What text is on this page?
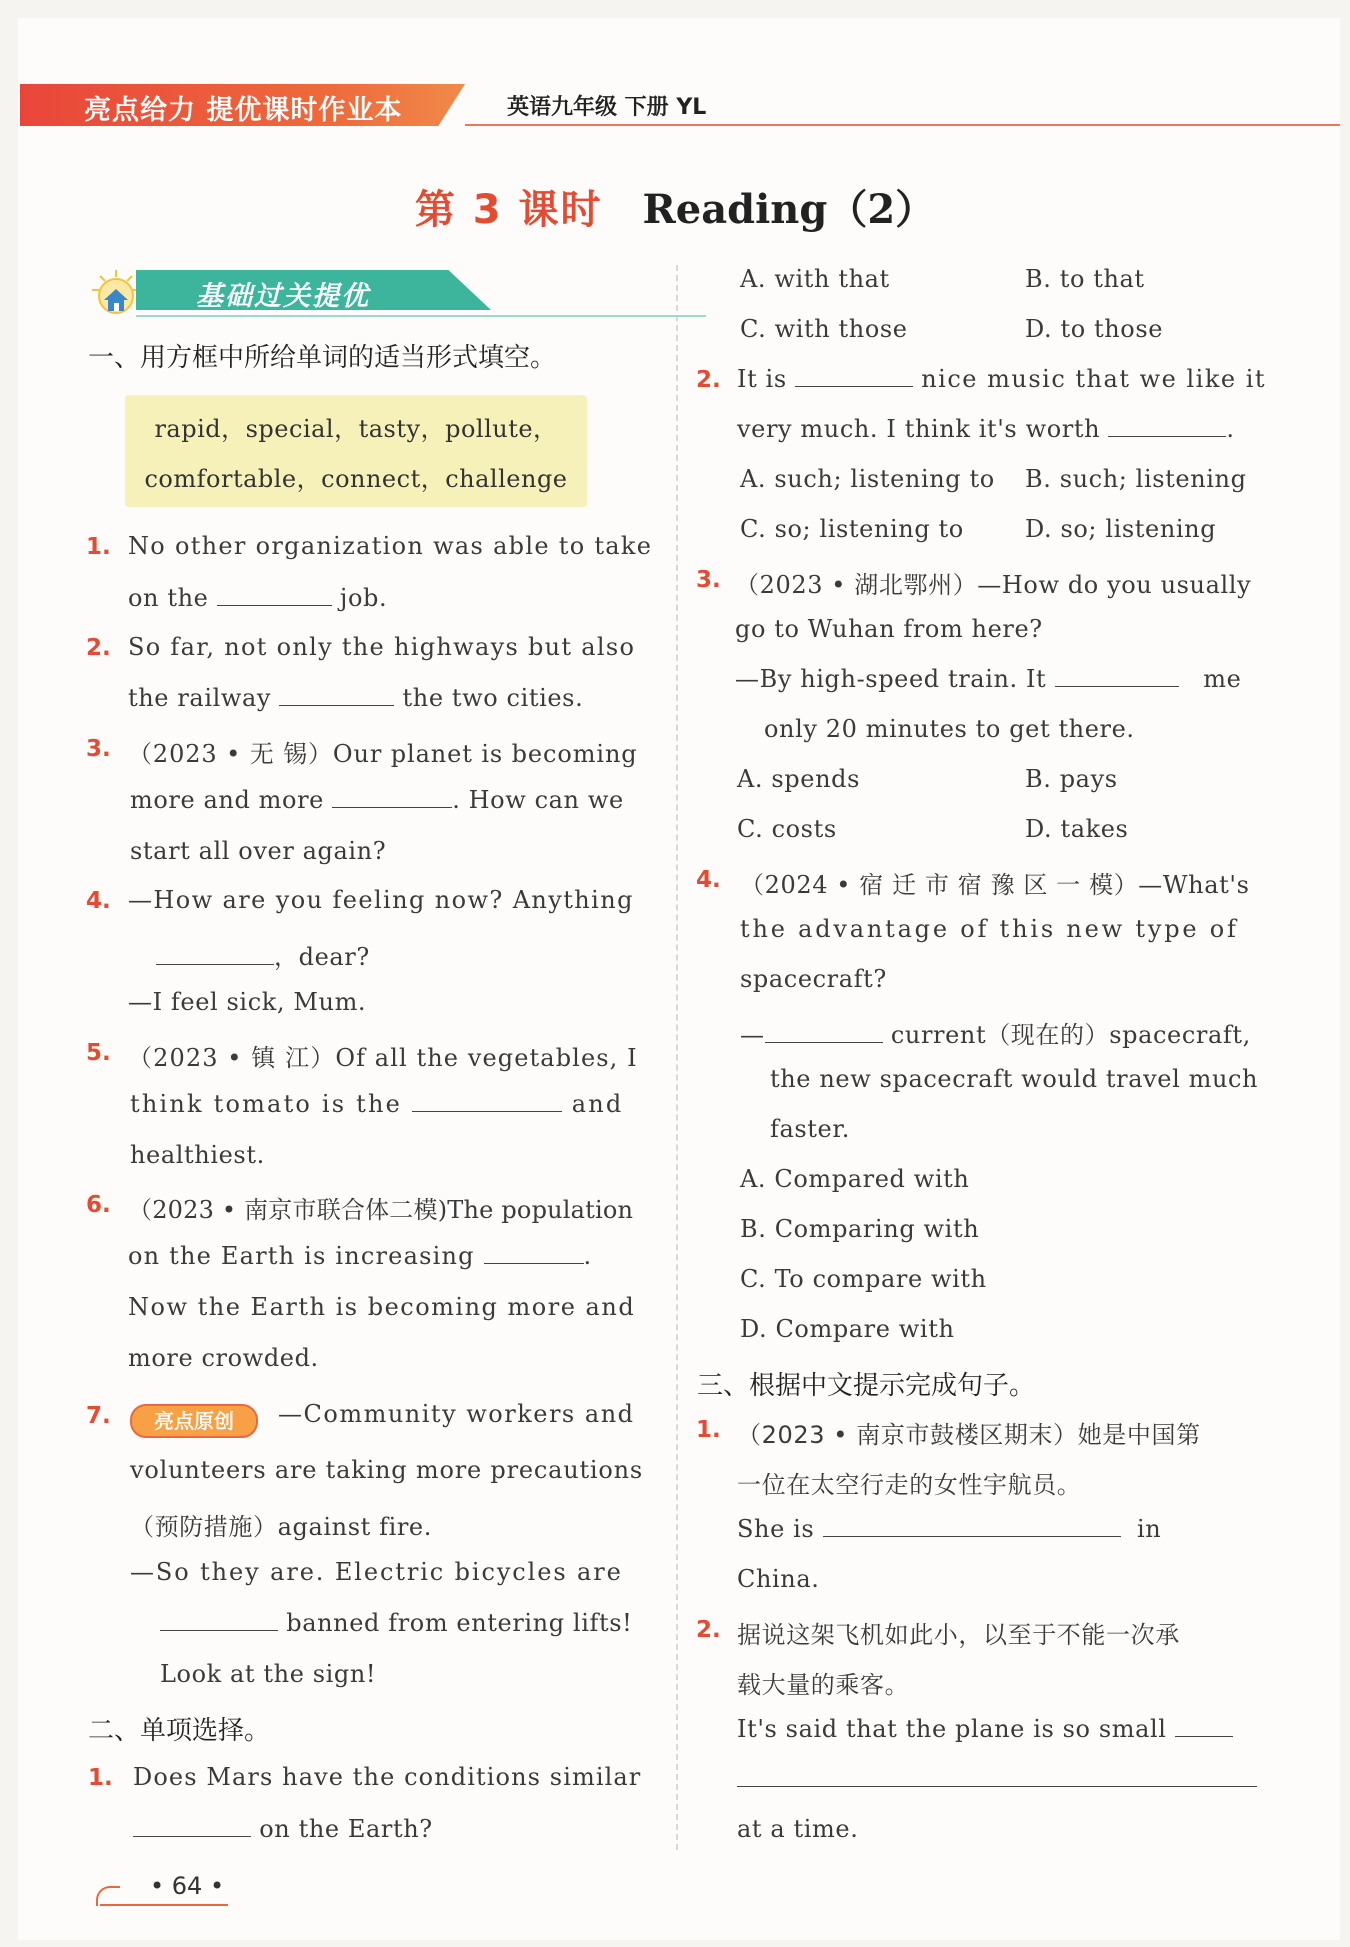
亮点给力 提优课时作业本	英语九年级 下册 YL
第 3 课时 Reading（2）
基础过关提优
一、用方框中所给单词的适当形式填空。
rapid，special，tasty，pollute，
comfortable，connect，challenge
1. No other organization was able to take
on the	job.
2. So far, not only the highways but also
the railway	the two cities.
3. （2023 • 无 锡）Our planet is becoming
more and more	. How can we
start all over again?
4. —How are you feeling now? Anything
，dear?
—I feel sick, Mum.
5. （2023 • 镇 江）Of all the vegetables, I
think tomato is the	and
healthiest.
6. （2023 • 南京市联合体二模)The population
on the Earth is increasing	.
Now the Earth is becoming more and
more crowded.
7.	亮点原创	—Community workers and
volunteers are taking more precautions
（预防措施）against fire.
—So they are. Electric bicycles are
banned from entering lifts!
Look at the sign!
二、单项选择。
1. Does Mars have the conditions similar
on the Earth?
A. with that	B. to that
C. with those	D. to those
2. It is	nice music that we like it
very much. I think it's worth	.
A. such; listening to B. such; listening
C. so; listening to	D. so; listening
3. （2023 • 湖北鄂州）—How do you usually
go to Wuhan from here?
—By high-speed train. It	me
only 20 minutes to get there.
A. spends	B. pays
C. costs	D. takes
4. （2024 • 宿 迁 市 宿 豫 区 一 模）—What's
the advantage of this new type of
spacecraft?
—	current（现在的）spacecraft,
the new spacecraft would travel much
faster.
A. Compared with
B. Comparing with
C. To compare with
D. Compare with
三、根据中文提示完成句子。
1. （2023 • 南京市鼓楼区期末）她是中国第
一位在太空行走的女性宇航员。
She is	in
China.
2. 据说这架飞机如此小，以至于不能一次承
载大量的乘客。
It's said that the plane is so small
at a time.
• 64 •
